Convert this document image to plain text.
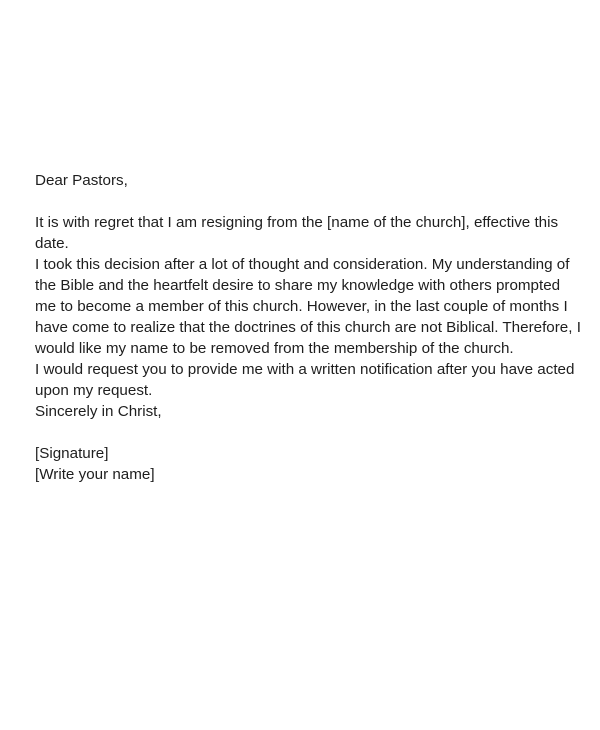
Dear Pastors,

It is with regret that I am resigning from the [name of the church], effective this date.

I took this decision after a lot of thought and consideration. My understanding of the Bible and the heartfelt desire to share my knowledge with others prompted me to become a member of this church. However, in the last couple of months I have come to realize that the doctrines of this church are not Biblical. Therefore, I would like my name to be removed from the membership of the church.

I would request you to provide me with a written notification after you have acted upon my request.

Sincerely in Christ,

[Signature]

[Write your name]
